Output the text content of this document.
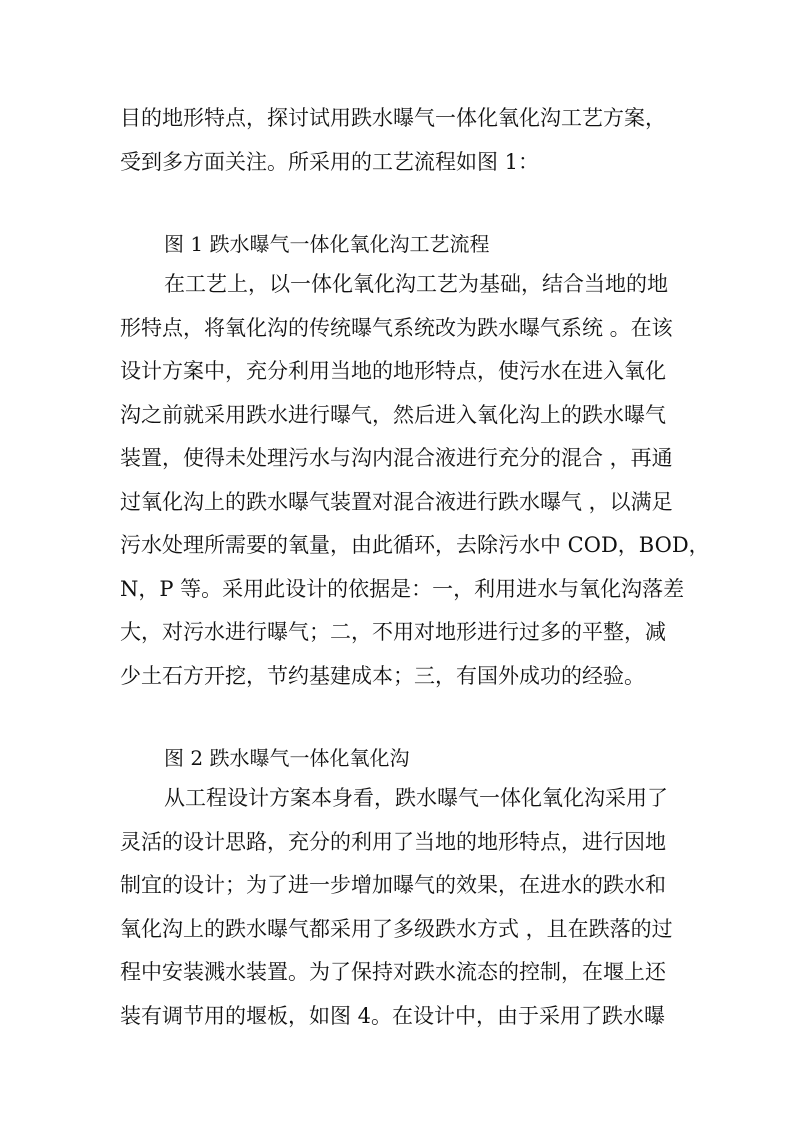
目的地形特点，探讨试用跌水曝气一体化氧化沟工艺方案，
受到多方面关注。所采用的工艺流程如图 1：
图 1 跌水曝气一体化氧化沟工艺流程
在工艺上，以一体化氧化沟工艺为基础，结合当地的地
形特点，将氧化沟的传统曝气系统改为跌水曝气系统 。在该
设计方案中，充分利用当地的地形特点，使污水在进入氧化
沟之前就采用跌水进行曝气，然后进入氧化沟上的跌水曝气
装置，使得未处理污水与沟内混合液进行充分的混合 ，再通
过氧化沟上的跌水曝气装置对混合液进行跌水曝气 ，以满足
污水处理所需要的氧量，由此循环，去除污水中 COD，BOD，
N，P 等。采用此设计的依据是：一，利用进水与氧化沟落差
大，对污水进行曝气；二，不用对地形进行过多的平整，减
少土石方开挖，节约基建成本；三，有国外成功的经验。
图 2 跌水曝气一体化氧化沟
从工程设计方案本身看，跌水曝气一体化氧化沟采用了
灵活的设计思路，充分的利用了当地的地形特点，进行因地
制宜的设计；为了进一步增加曝气的效果，在进水的跌水和
氧化沟上的跌水曝气都采用了多级跌水方式 ，且在跌落的过
程中安装溅水装置。为了保持对跌水流态的控制，在堰上还
装有调节用的堰板，如图 4。在设计中，由于采用了跌水曝
